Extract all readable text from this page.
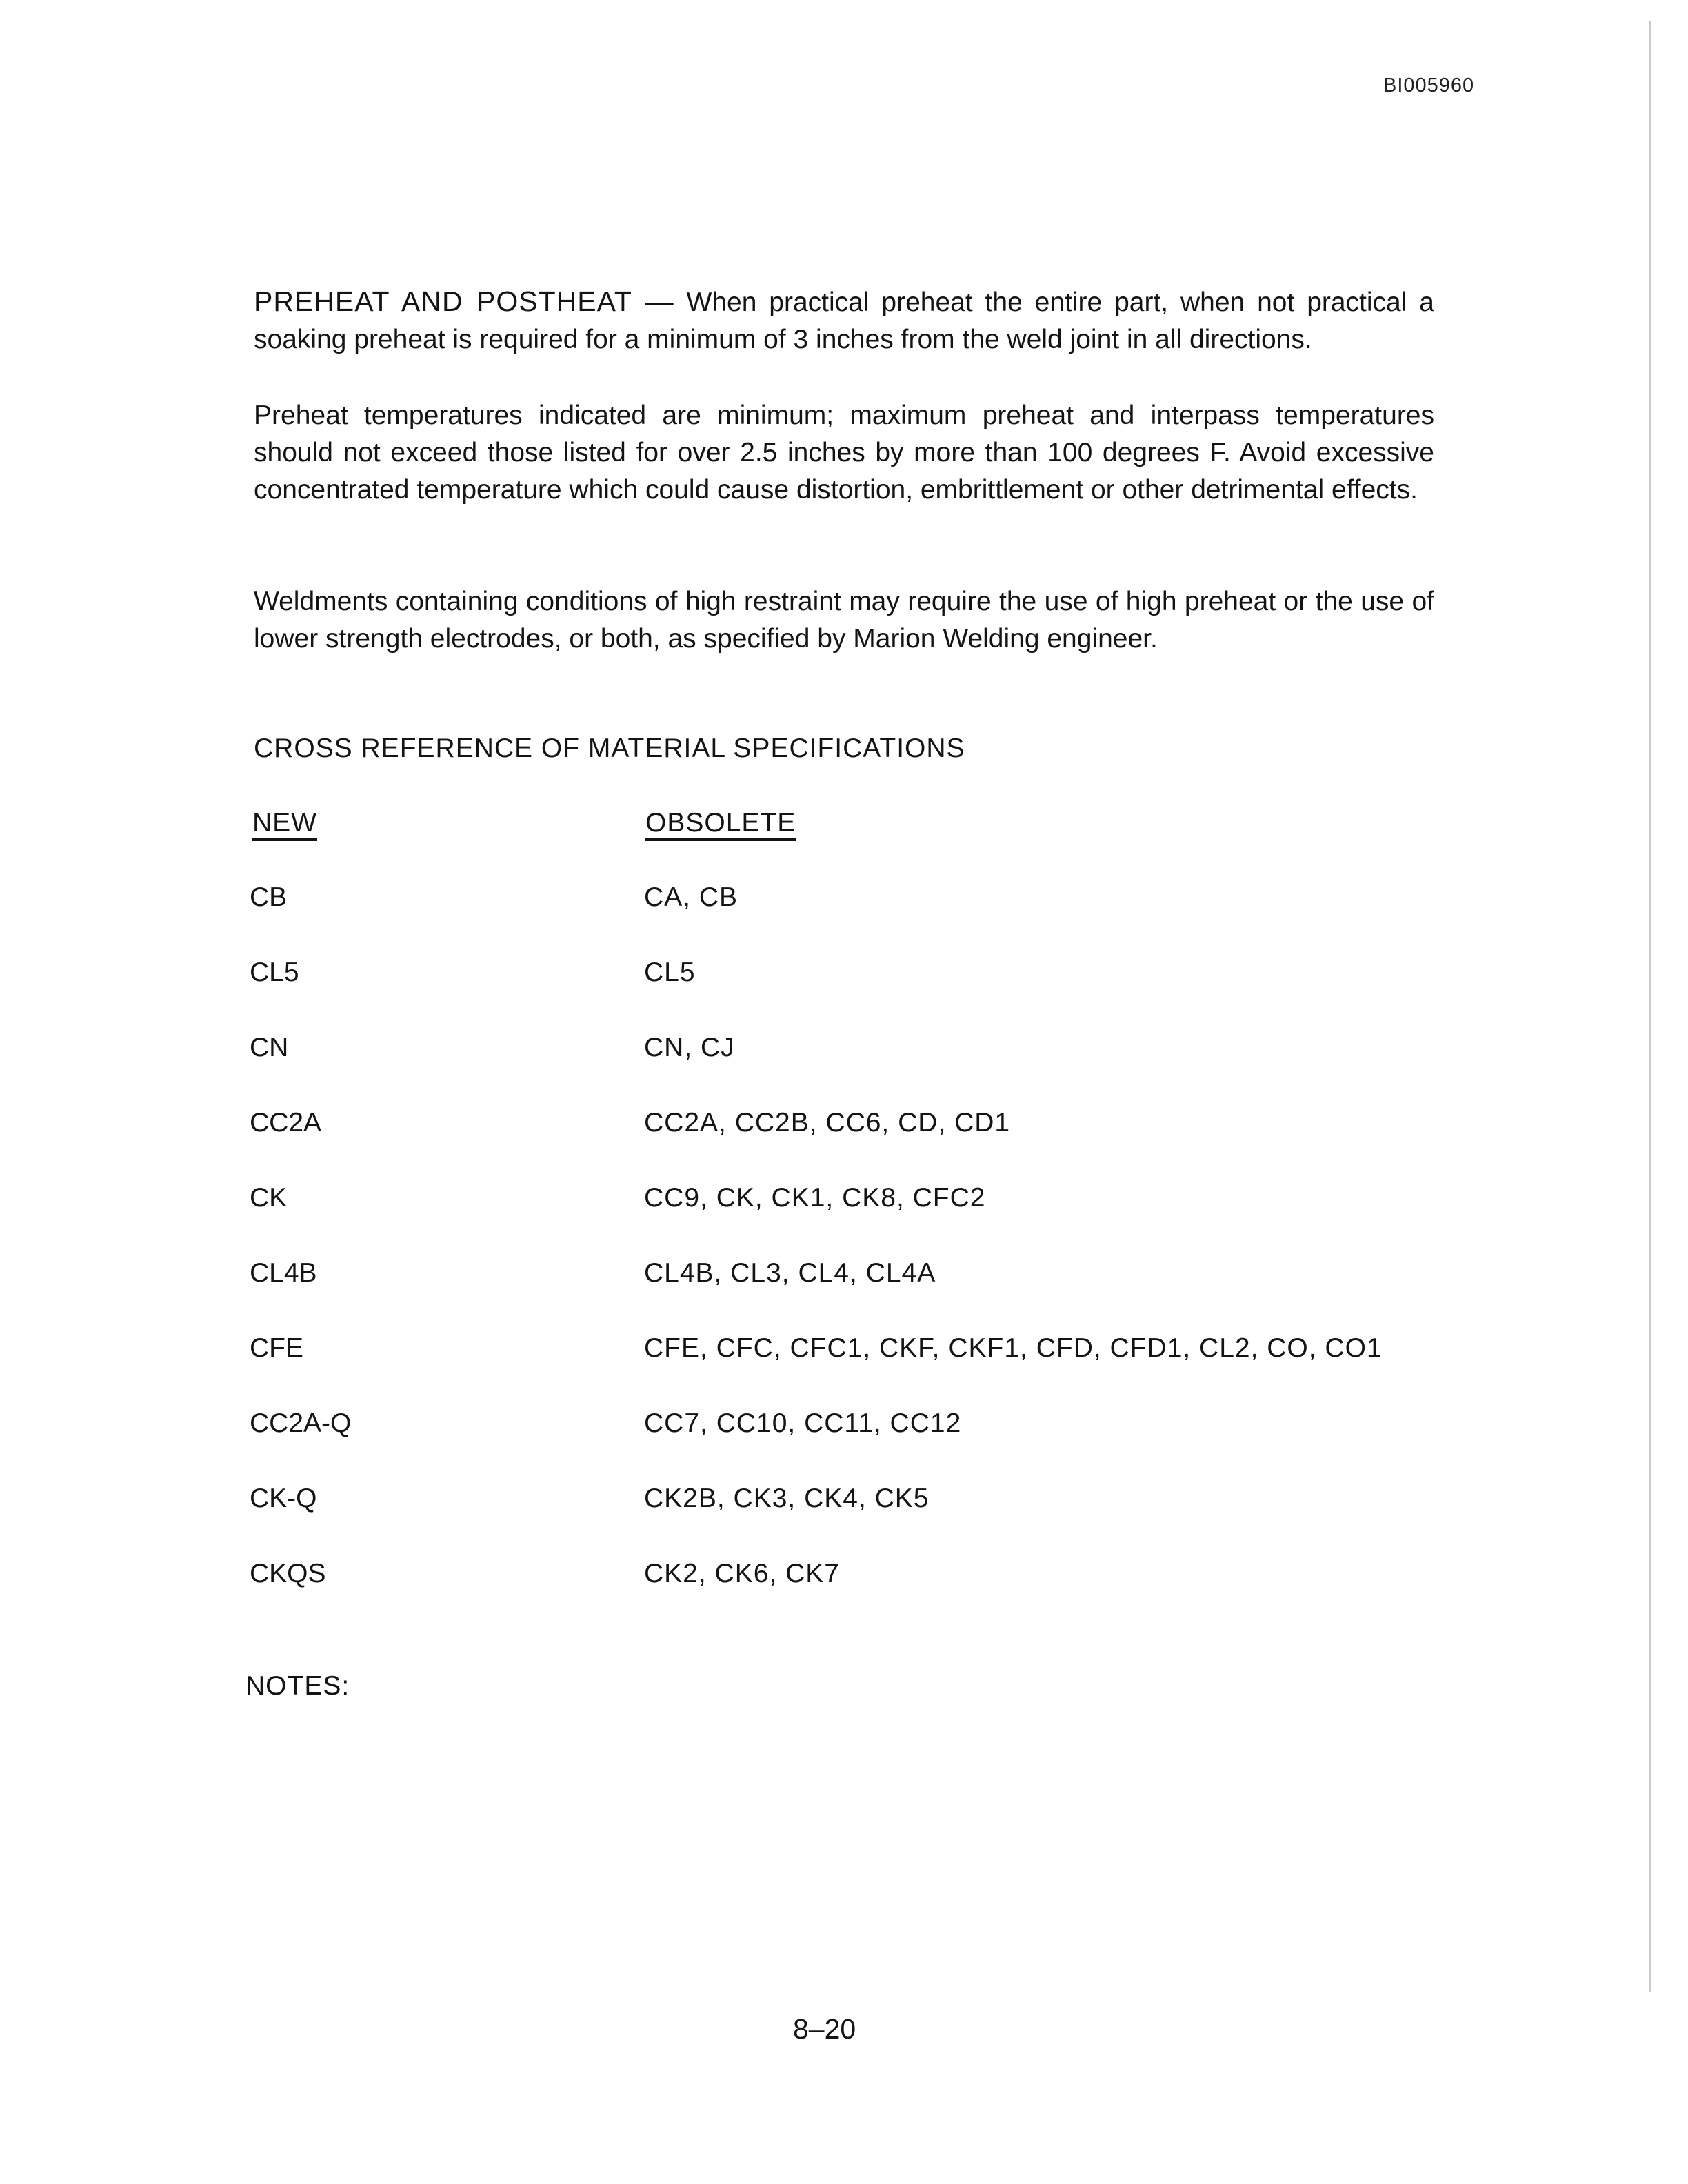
BI005960

PREHEAT AND POSTHEAT — When practical preheat the entire part, when not practical a soaking preheat is required for a minimum of 3 inches from the weld joint in all directions.

Preheat temperatures indicated are minimum; maximum preheat and interpass temperatures should not exceed those listed for over 2.5 inches by more than 100 degrees F. Avoid excessive concentrated temperature which could cause distortion, embrittlement or other detrimental effects.

Weldments containing conditions of high restraint may require the use of high preheat or the use of lower strength electrodes, or both, as specified by Marion Welding engineer.

CROSS REFERENCE OF MATERIAL SPECIFICATIONS
NEW	OBSOLETE
CB	CA, CB
CL5	CL5
CN	CN, CJ
CC2A	CC2A, CC2B, CC6, CD, CD1
CK	CC9, CK, CK1, CK8, CFC2
CL4B	CL4B, CL3, CL4, CL4A
CFE	CFE, CFC, CFC1, CKF, CKF1, CFD, CFD1, CL2, CO, CO1
CC2A-Q	CC7, CC10, CC11, CC12
CK-Q	CK2B, CK3, CK4, CK5
CKQS	CK2, CK6, CK7
NOTES:
8–20
